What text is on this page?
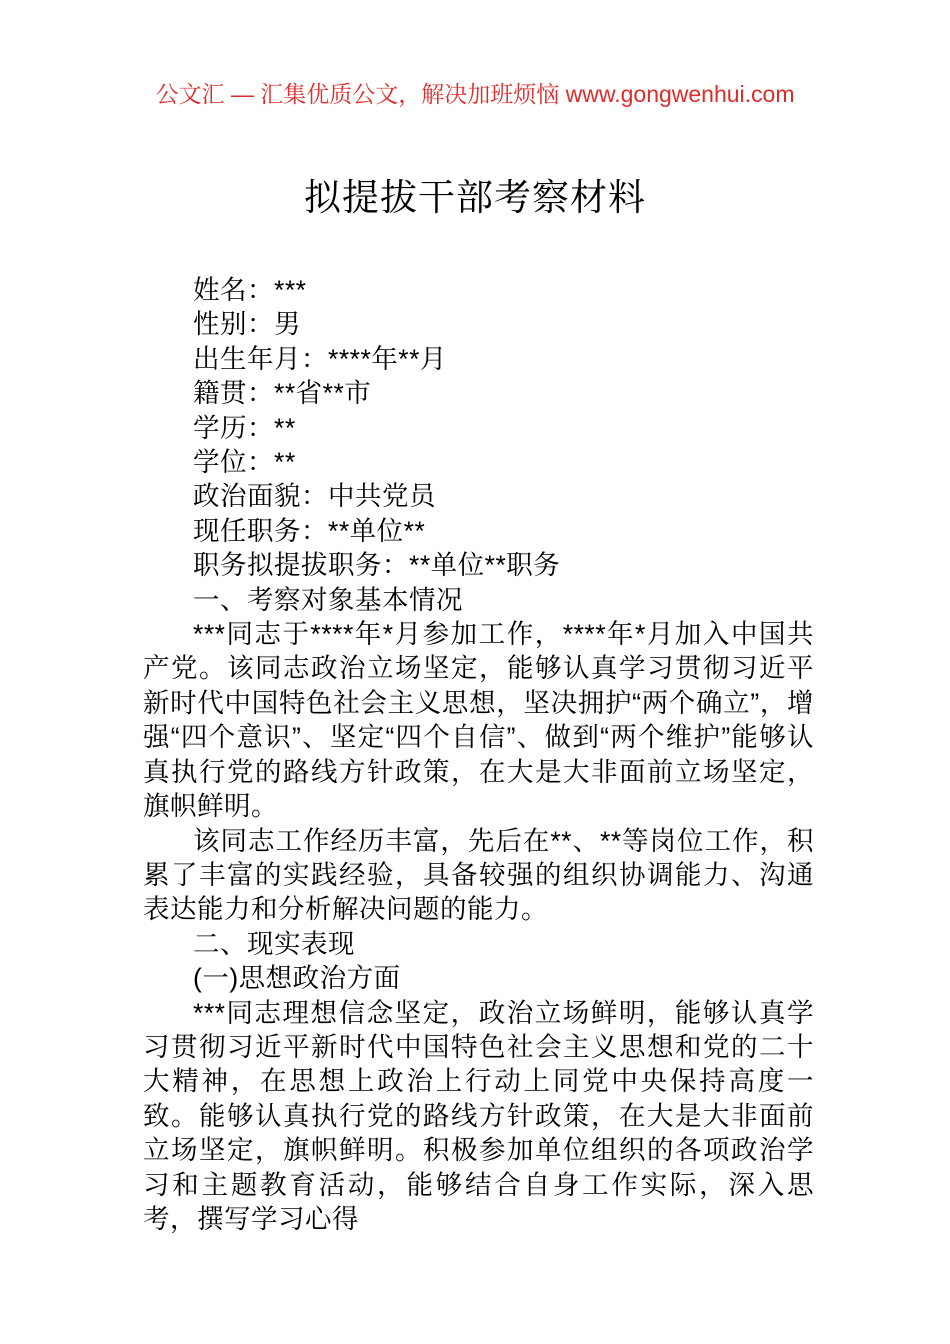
公文汇 — 汇集优质公文，解决加班烦恼 www.gongwenhui.com
拟提拔干部考察材料

姓名：***

性别：男

出生年月：****年**月

籍贯：**省**市

学历：**

学位：**

政治面貌：中共党员

现任职务：**单位**

职务拟提拔职务：**单位**职务

一、考察对象基本情况

***同志于****年*月参加工作，****年*月加入中国共产党。该同志政治立场坚定，能够认真学习贯彻习近平新时代中国特色社会主义思想，坚决拥护“两个确立”，增强“四个意识”、坚定“四个自信”、做到“两个维护”能够认真执行党的路线方针政策，在大是大非面前立场坚定，旗帜鲜明。

该同志工作经历丰富，先后在**、**等岗位工作，积累了丰富的实践经验，具备较强的组织协调能力、沟通表达能力和分析解决问题的能力。

二、现实表现

(一)思想政治方面

***同志理想信念坚定，政治立场鲜明，能够认真学习贯彻习近平新时代中国特色社会主义思想和党的二十大精神，在思想上政治上行动上同党中央保持高度一致。能够认真执行党的路线方针政策，在大是大非面前立场坚定，旗帜鲜明。积极参加单位组织的各项政治学习和主题教育活动，能够结合自身工作实际，深入思考，撰写学习心得
